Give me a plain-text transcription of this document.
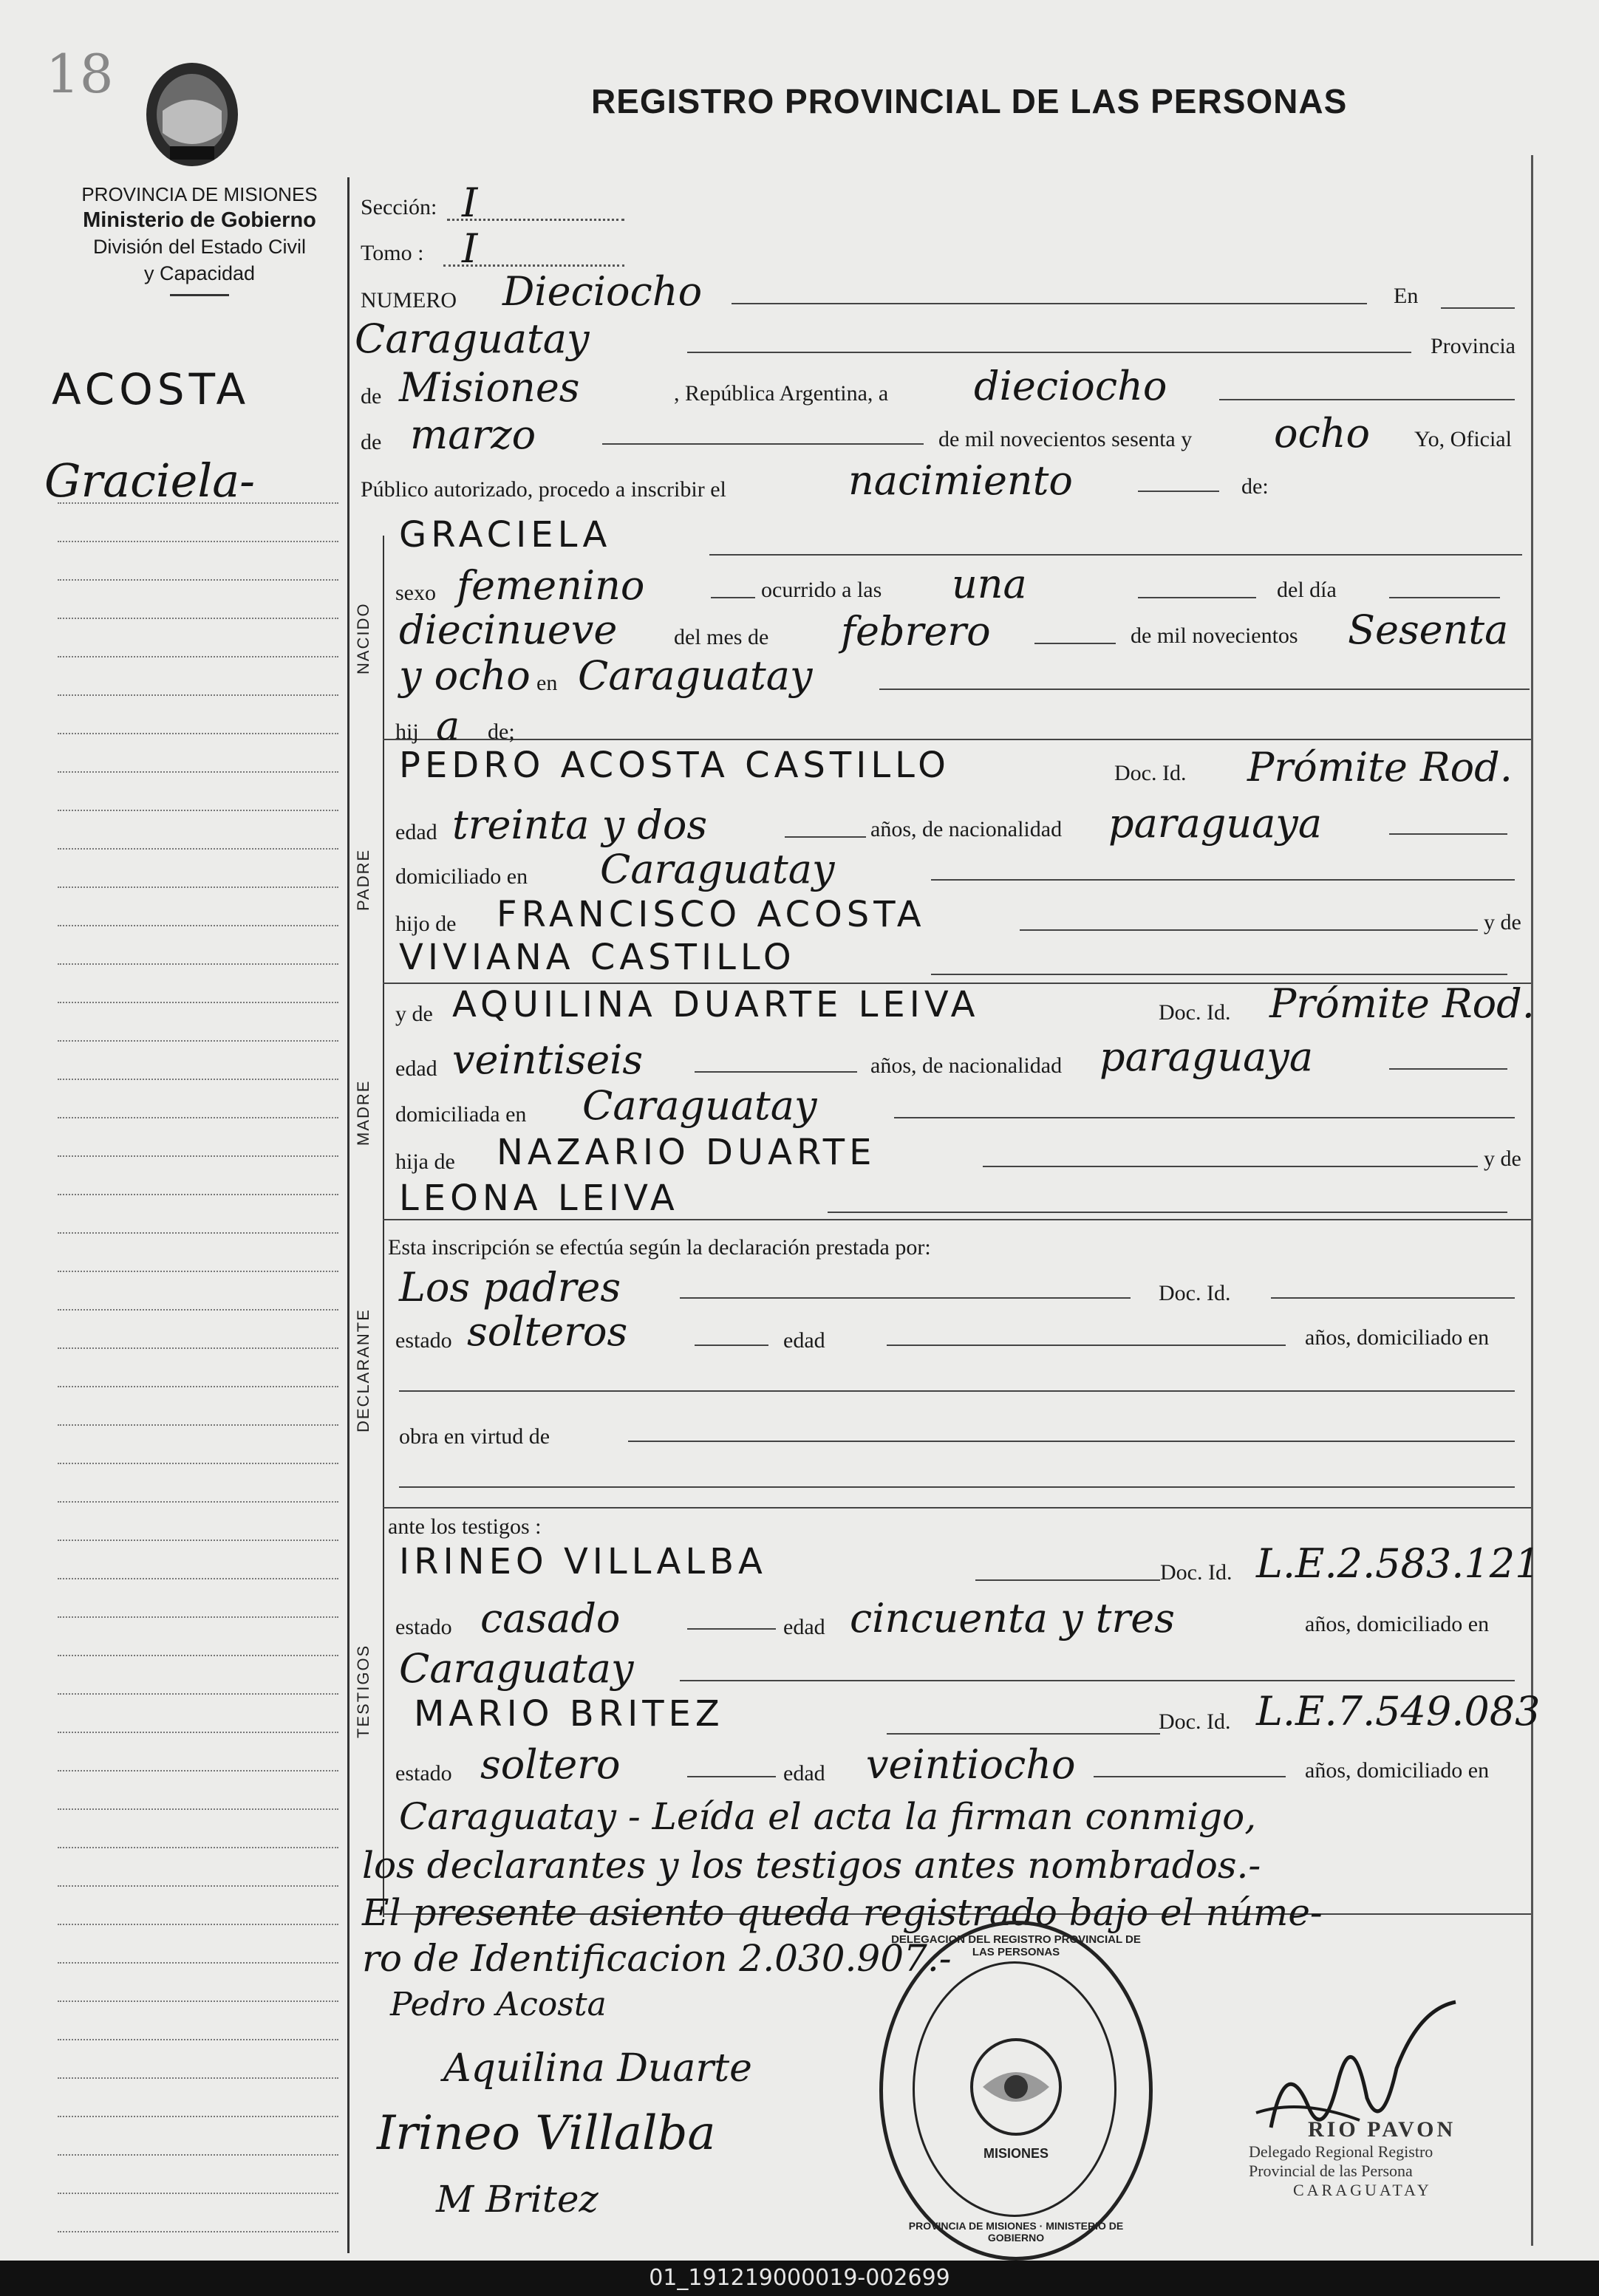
18	REGISTRO PROVINCIAL DE LAS PERSONAS
PROVINCIA DE MISIONES
Ministerio de Gobierno
División del Estado Civil
y Capacidad
ACOSTA
Graciela-
NACIDO
PADRE
MADRE
DECLARANTE
TESTIGOS
Sección: I
Tomo : I
NUMERO Dieciocho	En
Caraguatay	Provincia
de Misiones	, República Argentina, a dieciocho
de marzo	de mil novecientos sesenta y ocho Yo, Oficial
Público autorizado, procedo a inscribir el	nacimiento	de:
GRACIELA
sexo femenino	ocurrido a las una	del día
diecinueve	del mes de febrero	de mil novecientos Sesenta
y ocho en Caraguatay
hij a de;
PEDRO ACOSTA CASTILLO	Doc. Id. Prómite Rod.
edad treinta y dos	años, de nacionalidad paraguaya
domiciliado en Caraguatay
hijo de FRANCISCO ACOSTA	y de
VIVIANA CASTILLO
y de AQUILINA DUARTE LEIVA	Doc. Id. Prómite Rod.
edad veintiseis	años, de nacionalidad paraguaya
domiciliada en Caraguatay
hija de NAZARIO DUARTE	y de
LEONA LEIVA
Esta inscripción se efectúa según la declaración prestada por:
Los padres	Doc. Id.
estado solteros	edad	años, domiciliado en
obra en virtud de
ante los testigos :
IRINEO VILLALBA	Doc. Id. L.E.2.583.121
estado casado	edad cincuenta y tres	años, domiciliado en
Caraguatay
MARIO BRITEZ	Doc. Id. L.E.7.549.083
estado soltero	edad veintiocho	años, domiciliado en
Caraguatay - Leída el acta la firman conmigo,
los declarantes y los testigos antes nombrados.-
El presente asiento queda registrado bajo el núme-
ro de Identificacion 2.030.907.-
Pedro Acosta
Aquilina Duarte
Irineo Villalba
M Britez
DELEGACION DEL REGISTRO PROVINCIAL DE LAS PERSONAS
MISIONES
PROVINCIA DE MISIONES · MINISTERIO DE GOBIERNO
RIO PAVON
Delegado Regional Registro
Provincial de las Persona
CARAGUATAY
01_191219000019-002699
